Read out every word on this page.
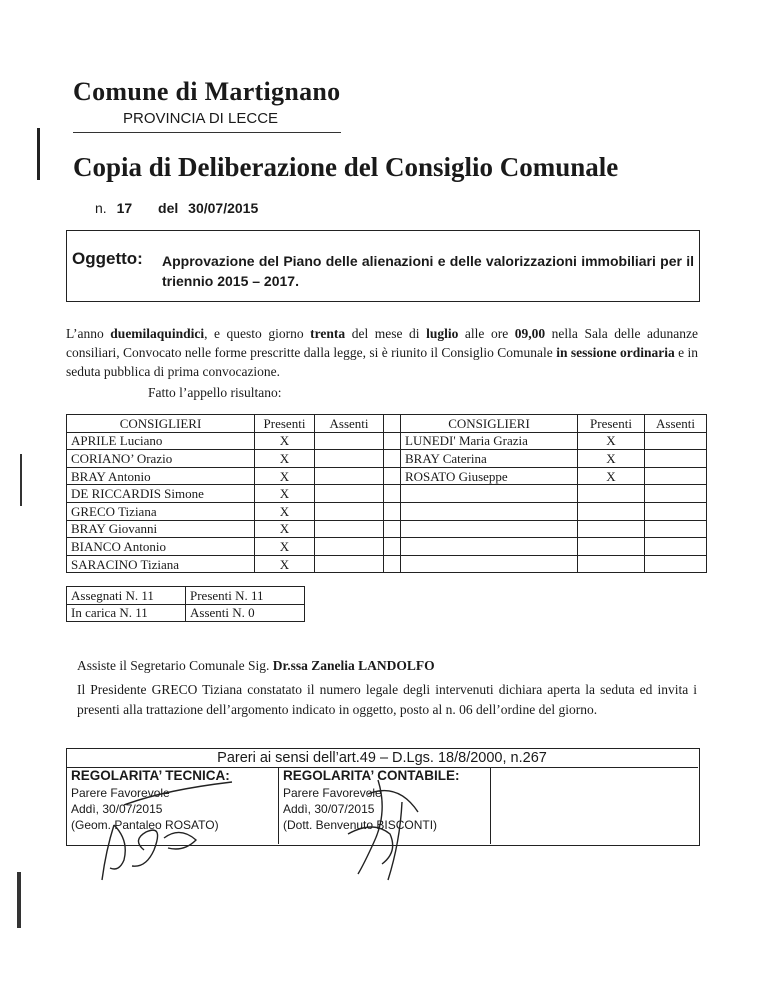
Comune di Martignano
PROVINCIA DI LECCE
Copia di Deliberazione del Consiglio Comunale
n. 17 del 30/07/2015
Oggetto: Approvazione del Piano delle alienazioni e delle valorizzazioni immobiliari per il triennio 2015 – 2017.
L’anno duemilaquindici, e questo giorno trenta del mese di luglio alle ore 09,00 nella Sala delle adunanze consiliari, Convocato nelle forme prescritte dalla legge, si è riunito il Consiglio Comunale in sessione ordinaria e in seduta pubblica di prima convocazione.
Fatto l’appello risultano:
CONSIGLIERI	Presenti	Assenti		CONSIGLIERI	Presenti	Assenti
APRILE Luciano	X			LUNEDI' Maria Grazia	X	
CORIANO’ Orazio	X			BRAY Caterina	X	
BRAY Antonio	X			ROSATO Giuseppe	X	
DE RICCARDIS Simone	X					
GRECO Tiziana	X					
BRAY Giovanni	X					
BIANCO Antonio	X					
SARACINO Tiziana	X					
Assegnati N. 11	Presenti N. 11
In carica N. 11	Assenti N. 0
Assiste il Segretario Comunale Sig. Dr.ssa Zanelia LANDOLFO
Il Presidente GRECO Tiziana constatato il numero legale degli intervenuti dichiara aperta la seduta ed invita i presenti alla trattazione dell’argomento indicato in oggetto, posto al n. 06 dell’ordine del giorno.
Pareri ai sensi dell’art.49 – D.Lgs. 18/8/2000, n.267
REGOLARITA’ TECNICA:
Parere Favorevole
Addì, 30/07/2015
(Geom. Pantaleo ROSATO)
REGOLARITA’ CONTABILE:
Parere Favorevole
Addì, 30/07/2015
(Dott. Benvenuto BISCONTI)
